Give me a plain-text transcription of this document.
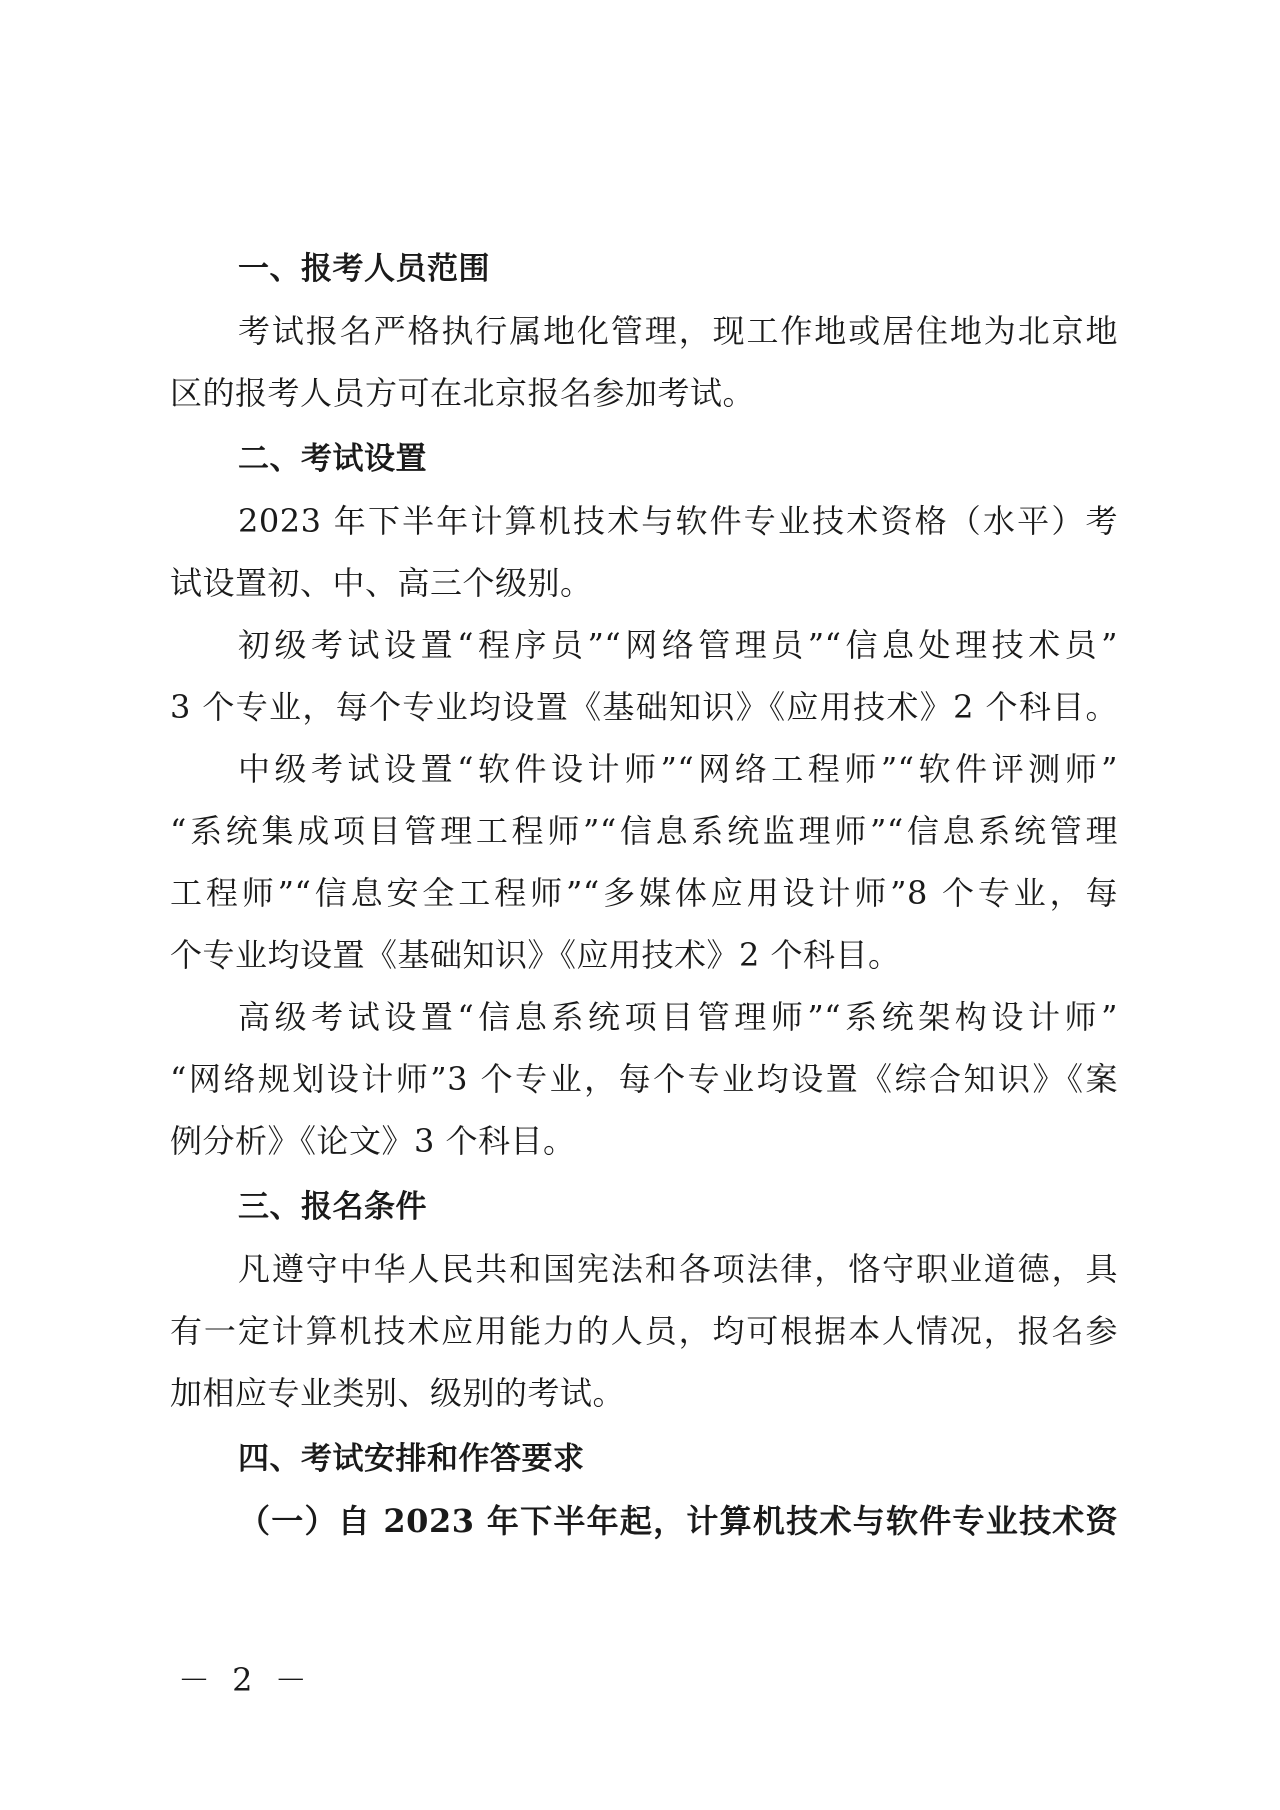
一、报考人员范围
考试报名严格执行属地化管理，现工作地或居住地为北京地
区的报考人员方可在北京报名参加考试。
二、考试设置
2023 年下半年计算机技术与软件专业技术资格（水平）考
试设置初、中、高三个级别。
初级考试设置“程序员”“网络管理员”“信息处理技术员”
3 个专业，每个专业均设置《基础知识》《应用技术》2 个科目。
中级考试设置“软件设计师”“网络工程师”“软件评测师”
“系统集成项目管理工程师”“信息系统监理师”“信息系统管理
工程师”“信息安全工程师”“多媒体应用设计师”8 个专业，每
个专业均设置《基础知识》《应用技术》2 个科目。
高级考试设置“信息系统项目管理师”“系统架构设计师”
“网络规划设计师”3 个专业，每个专业均设置《综合知识》《案
例分析》《论文》3 个科目。
三、报名条件
凡遵守中华人民共和国宪法和各项法律，恪守职业道德，具
有一定计算机技术应用能力的人员，均可根据本人情况，报名参
加相应专业类别、级别的考试。
四、考试安排和作答要求
（一）自 2023 年下半年起，计算机技术与软件专业技术资
－ 2 －
